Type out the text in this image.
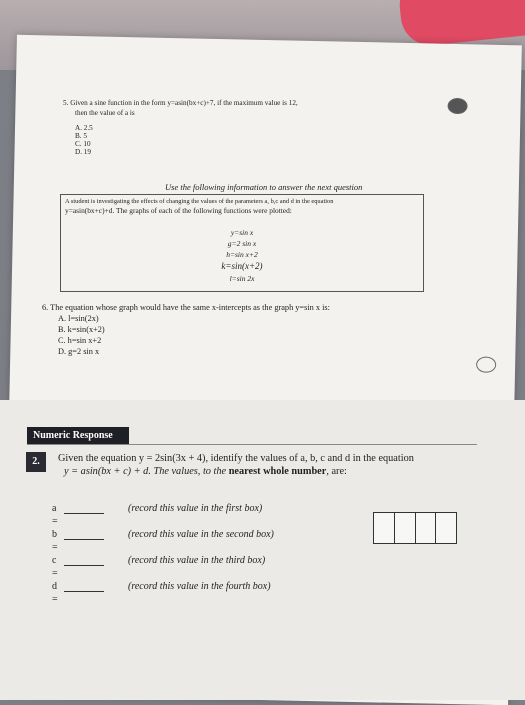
5. Given a sine function in the form y=asin(bx+c)+7, if the maximum value is 12,
then the value of a is
A. 2.5
B. 5
C. 10
D. 19
Use the following information to answer the next question
A student is investigating the effects of changing the values of the parameters a, b,c and d in the equation
y=asin(bx+c)+d. The graphs of each of the following functions were plotted:
y=sin x
g=2 sin x
h=sin x+2
k=sin(x+2)
l=sin 2x
6. The equation whose graph would have the same x-intercepts as the graph y=sin x is:
A. l=sin(2x)
B. k=sin(x+2)
C. h=sin x+2
D. g=2 sin x
Numeric Response
2.	Given the equation y = 2sin(3x + 4), identify the values of a, b, c and d in the equation
y = asin(bx + c) + d. The values, to the nearest whole number, are:
a =
(record this value in the first box)
b =
(record this value in the second box)
c =
(record this value in the third box)
d =
(record this value in the fourth box)
